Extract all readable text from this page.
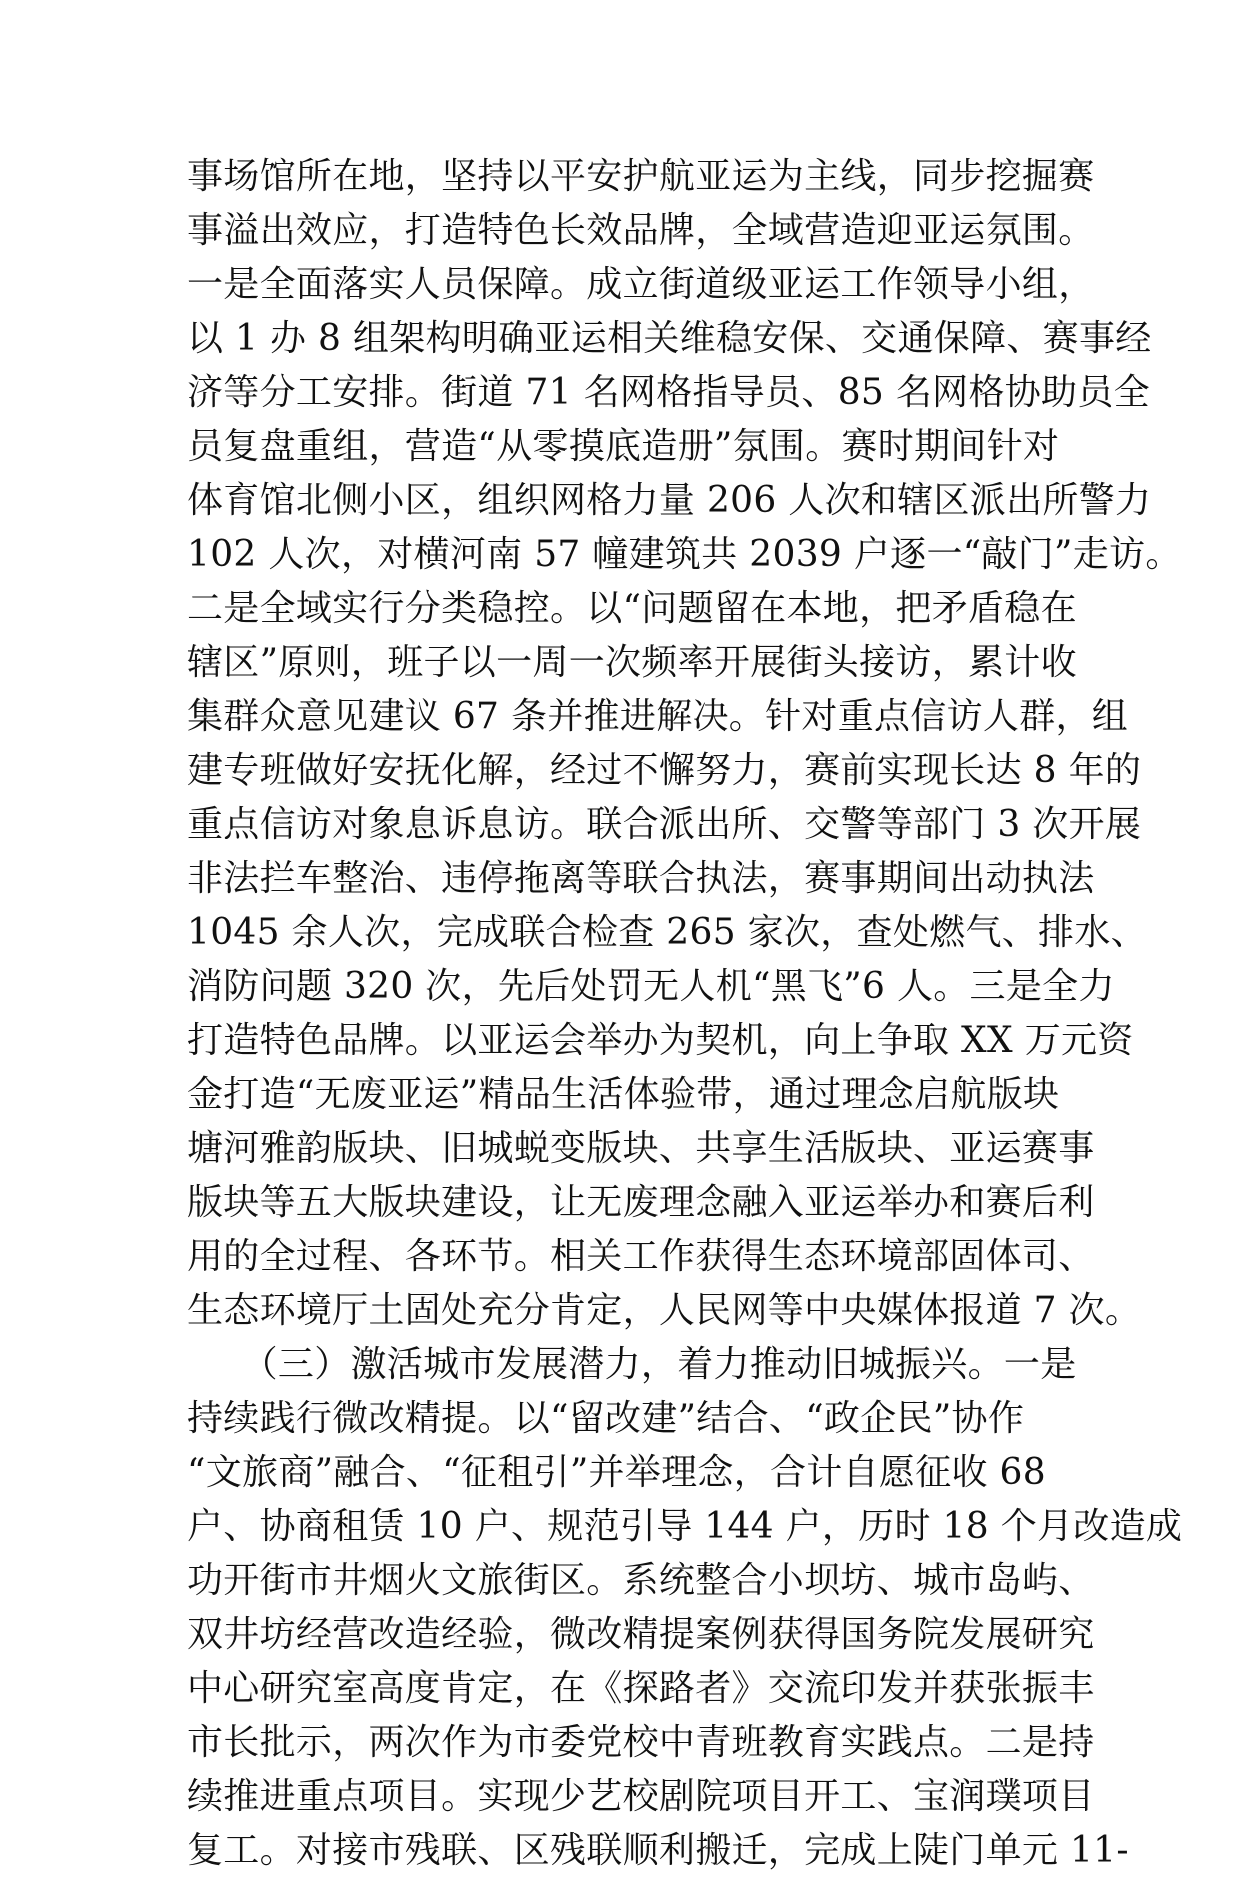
事场馆所在地，坚持以平安护航亚运为主线，同步挖掘赛
事溢出效应，打造特色长效品牌，全域营造迎亚运氛围。
一是全面落实人员保障。成立街道级亚运工作领导小组，
以 1 办 8 组架构明确亚运相关维稳安保、交通保障、赛事经
济等分工安排。街道 71 名网格指导员、85 名网格协助员全
员复盘重组，营造“从零摸底造册”氛围。赛时期间针对
体育馆北侧小区，组织网格力量 206 人次和辖区派出所警力
102 人次，对横河南 57 幢建筑共 2039 户逐一“敲门”走访。
二是全域实行分类稳控。以“问题留在本地，把矛盾稳在
辖区”原则，班子以一周一次频率开展街头接访，累计收
集群众意见建议 67 条并推进解决。针对重点信访人群，组
建专班做好安抚化解，经过不懈努力，赛前实现长达 8 年的
重点信访对象息诉息访。联合派出所、交警等部门 3 次开展
非法拦车整治、违停拖离等联合执法，赛事期间出动执法
1045 余人次，完成联合检查 265 家次，查处燃气、排水、
消防问题 320 次，先后处罚无人机“黑飞”6 人。三是全力
打造特色品牌。以亚运会举办为契机，向上争取 XX 万元资
金打造“无废亚运”精品生活体验带，通过理念启航版块
塘河雅韵版块、旧城蜕变版块、共享生活版块、亚运赛事
版块等五大版块建设，让无废理念融入亚运举办和赛后利
用的全过程、各环节。相关工作获得生态环境部固体司、
生态环境厅土固处充分肯定，人民网等中央媒体报道 7 次。
　　（三）激活城市发展潜力，着力推动旧城振兴。一是
持续践行微改精提。以“留改建”结合、“政企民”协作
“文旅商”融合、“征租引”并举理念，合计自愿征收 68
户、协商租赁 10 户、规范引导 144 户，历时 18 个月改造成
功开街市井烟火文旅街区。系统整合小坝坊、城市岛屿、
双井坊经营改造经验，微改精提案例获得国务院发展研究
中心研究室高度肯定，在《探路者》交流印发并获张振丰
市长批示，两次作为市委党校中青班教育实践点。二是持
续推进重点项目。实现少艺校剧院项目开工、宝润璞项目
复工。对接市残联、区残联顺利搬迁，完成上陡门单元 11-
